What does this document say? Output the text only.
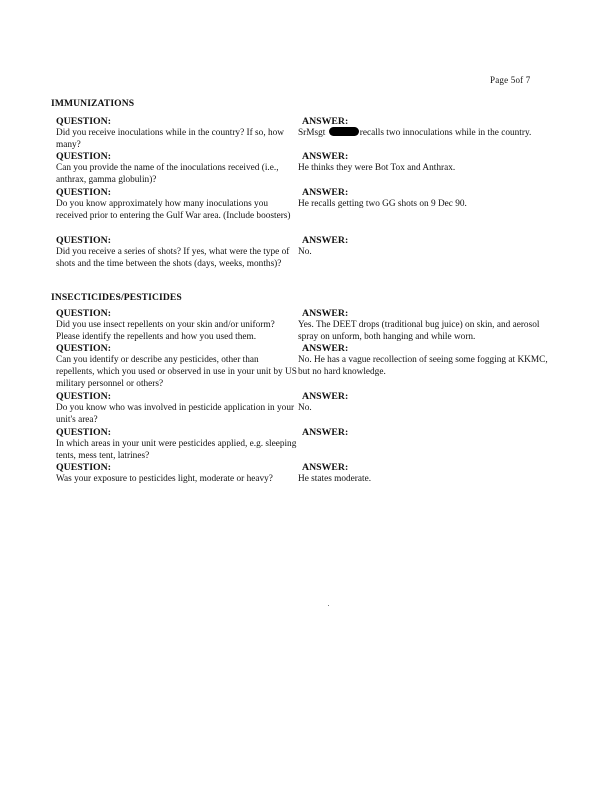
Page 5of 7
IMMUNIZATIONS
QUESTION:	ANSWER:
Did you receive inoculations while in the country? If so, how many?
SrMsgt	recalls two innoculations while in the country.
QUESTION:	ANSWER:
Can you provide the name of the inoculations received (i.e., anthrax, gamma globulin)?
He thinks they were Bot Tox and Anthrax.
QUESTION:	ANSWER:
Do you know approximately how many inoculations you received prior to entering the Gulf War area. (Include boosters)
He recalls getting two GG shots on 9 Dec 90.
QUESTION:	ANSWER:
Did you receive a series of shots? If yes, what were the type of shots and the time between the shots (days, weeks, months)?
No.
INSECTICIDES/PESTICIDES
QUESTION:	ANSWER:
Did you use insect repellents on your skin and/or uniform? Please identify the repellents and how you used them.
Yes. The DEET drops (traditional bug juice) on skin, and aerosol spray on unform, both hanging and while worn.
QUESTION:	ANSWER:
Can you identify or describe any pesticides, other than repellents, which you used or observed in use in your unit by US military personnel or others?
No. He has a vague recollection of seeing some fogging at KKMC, but no hard knowledge.
QUESTION:	ANSWER:
Do you know who was involved in pesticide application in your unit's area?
No.
QUESTION:	ANSWER:
In which areas in your unit were pesticides applied, e.g. sleeping tents, mess tent, latrines?
QUESTION:	ANSWER:
Was your exposure to pesticides light, moderate or heavy?	He states moderate.
